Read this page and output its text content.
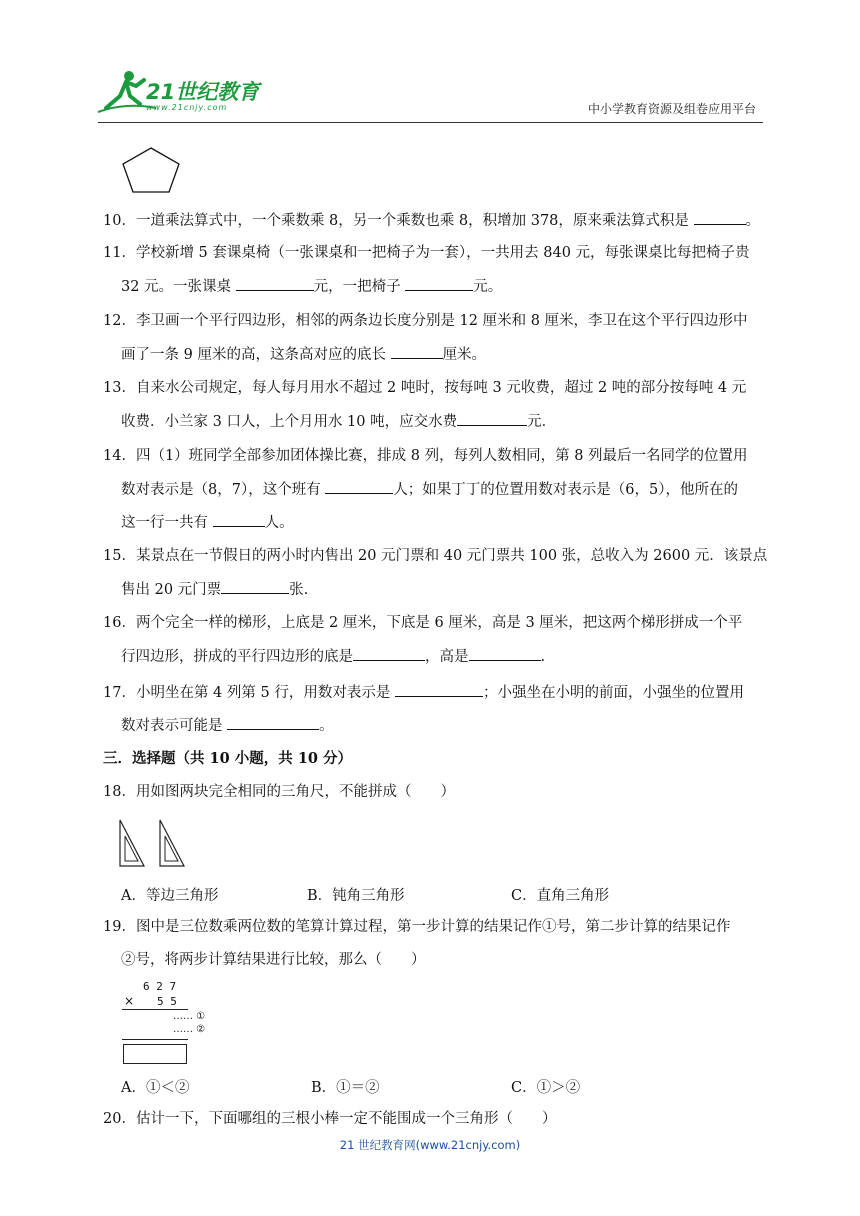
21世纪教育
www.21cnjy.com	中小学教育资源及组卷应用平台
10．一道乘法算式中，一个乘数乘 8，另一个乘数也乘 8，积增加 378，原来乘法算式积是	。
11．学校新增 5 套课桌椅（一张课桌和一把椅子为一套），一共用去 840 元，每张课桌比每把椅子贵
32 元。一张课桌	元，一把椅子	元。
12．李卫画一个平行四边形，相邻的两条边长度分别是 12 厘米和 8 厘米，李卫在这个平行四边形中
画了一条 9 厘米的高，这条高对应的底长	厘米。
13．自来水公司规定，每人每月用水不超过 2 吨时，按每吨 3 元收费，超过 2 吨的部分按每吨 4 元
收费．小兰家 3 口人，上个月用水 10 吨，应交水费	元．
14．四（1）班同学全部参加团体操比赛，排成 8 列，每列人数相同，第 8 列最后一名同学的位置用
数对表示是（8，7），这个班有	人；如果丁丁的位置用数对表示是（6，5），他所在的
这一行一共有	人。
15．某景点在一节假日的两小时内售出 20 元门票和 40 元门票共 100 张，总收入为 2600 元．该景点
售出 20 元门票	张.
16．两个完全一样的梯形，上底是 2 厘米，下底是 6 厘米，高是 3 厘米，把这两个梯形拼成一个平
行四边形，拼成的平行四边形的底是	，高是	.
17．小明坐在第 4 列第 5 行，用数对表示是	；小强坐在小明的前面，小强坐的位置用
数对表示可能是	。
三．选择题（共 10 小题，共 10 分）
18．用如图两块完全相同的三角尺，不能拼成（　　）
A．等边三角形	B．钝角三角形	C．直角三角形
19．图中是三位数乘两位数的笔算计算过程，第一步计算的结果记作①号，第二步计算的结果记作
②号，将两步计算结果进行比较，那么（　　）
6 2 7
× 5 5
…… ①
…… ②
A．①＜②	B．①＝②	C．①＞②
20．估计一下，下面哪组的三根小棒一定不能围成一个三角形（　　）
21 世纪教育网(www.21cnjy.com)
